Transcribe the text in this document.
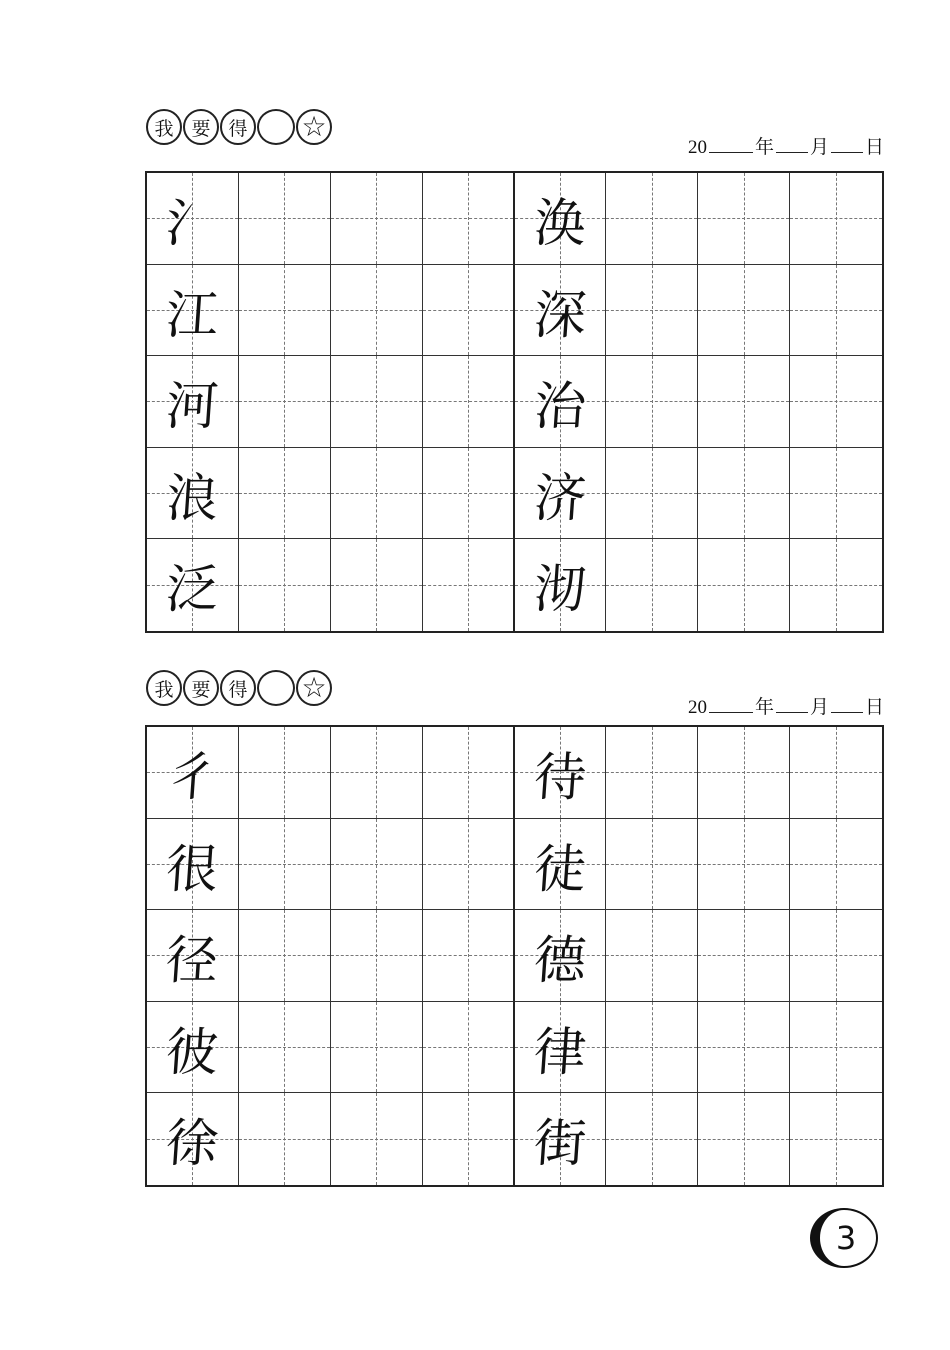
我 要 得	☆
20	年 月 日
氵	涣
江	深
河	治
浪	济
泛	沏
我 要 得	☆
20	年 月 日
彳	待
很	徒
径	德
彼	律
徐	街
3
